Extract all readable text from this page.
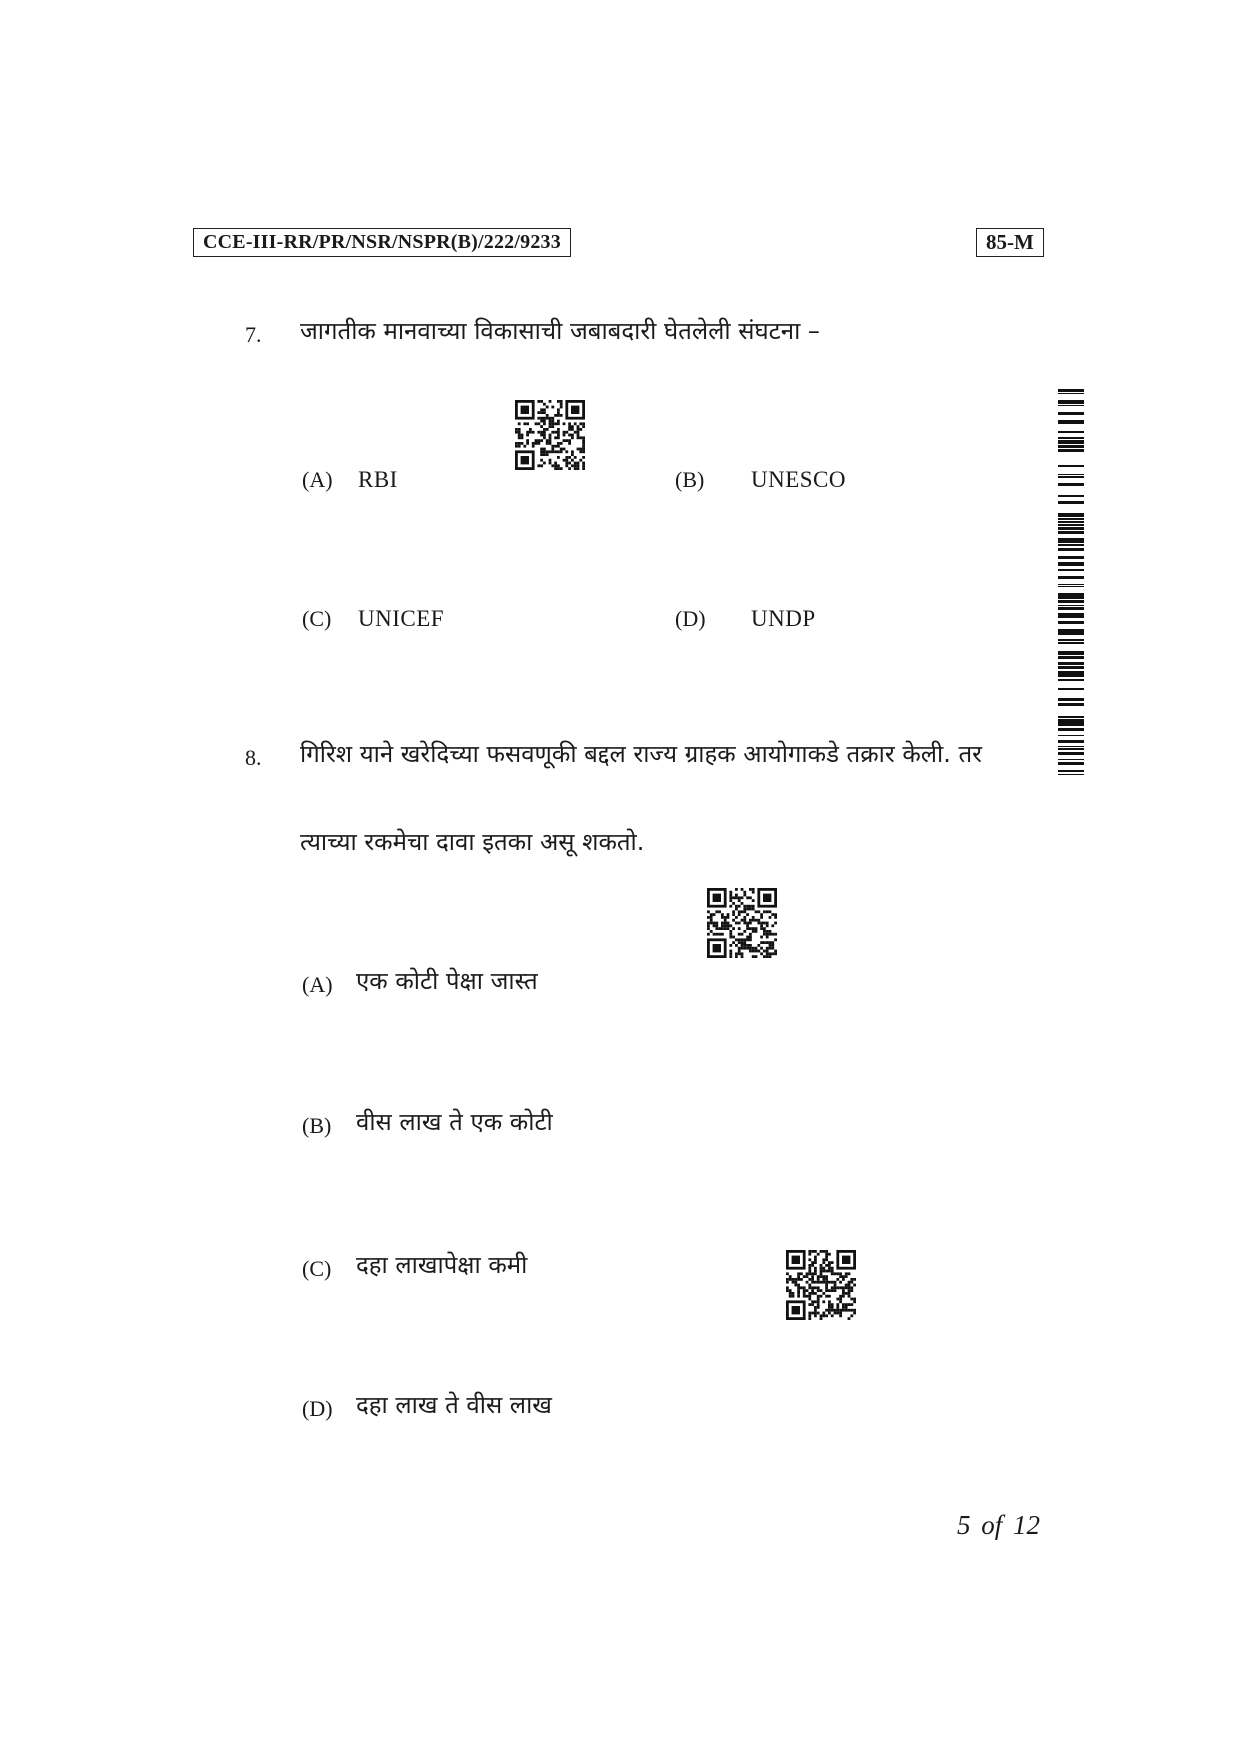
CCE-III-RR/PR/NSR/NSPR(B)/222/9233	85-M
7. जागतीक मानवाच्या विकासाची जबाबदारी घेतलेली संघटना –
(A) RBI	(B) UNESCO
(C) UNICEF	(D) UNDP
8. गिरिश याने खरेदिच्या फसवणूकी बद्दल राज्य ग्राहक आयोगाकडे तक्रार केली. तर
त्याच्या रकमेचा दावा इतका असू शकतो.
(A) एक कोटी पेक्षा जास्त
(B) वीस लाख ते एक कोटी
(C) दहा लाखापेक्षा कमी
(D) दहा लाख ते वीस लाख
5 of 12
